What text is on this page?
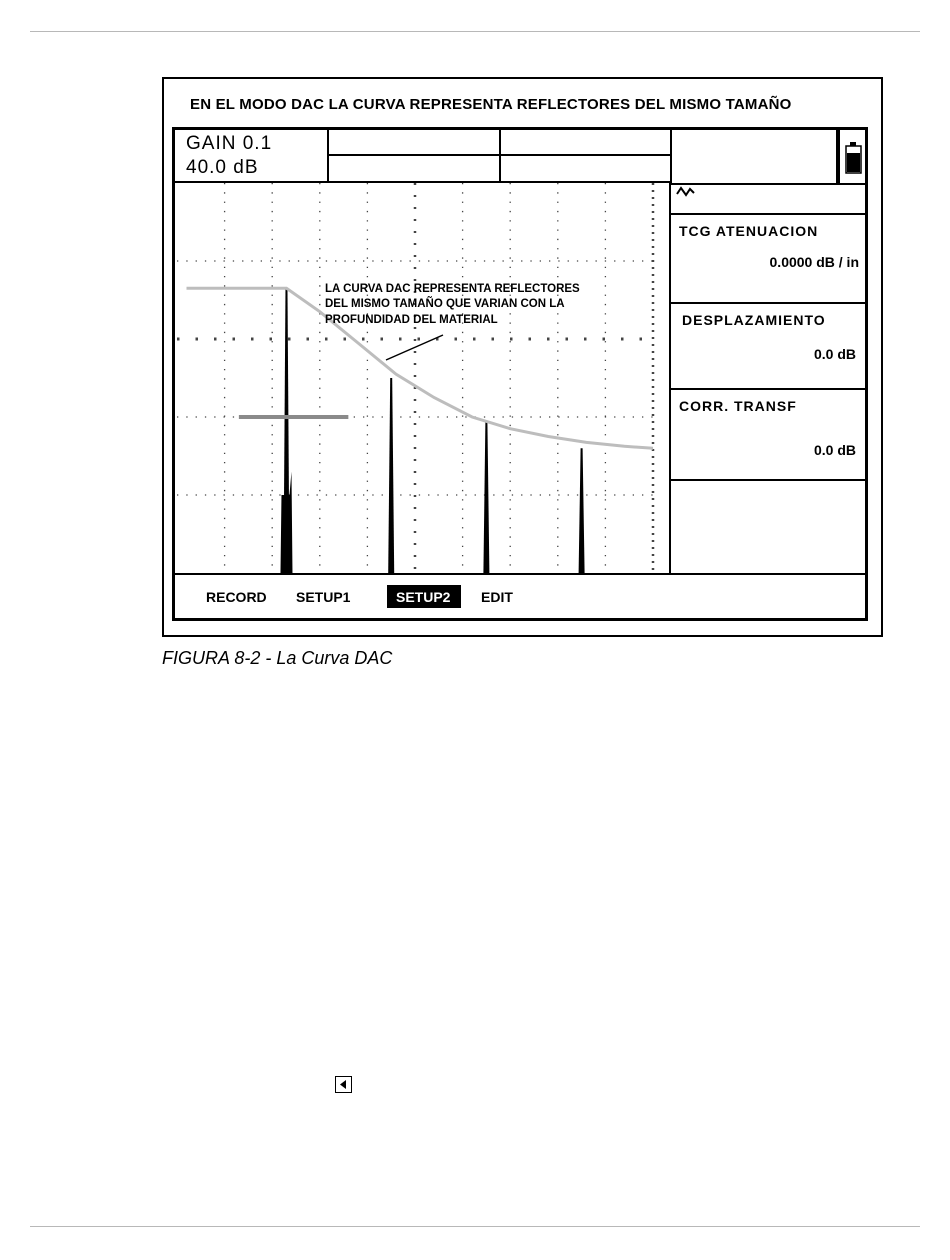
EN EL MODO DAC LA CURVA REPRESENTA REFLECTORES DEL MISMO TAMAÑO
GAIN 0.1
40.0 dB
TCG ATENUACION
0.0000 dB / in
DESPLAZAMIENTO
0.0 dB
CORR. TRANSF
0.0 dB
RECORD SETUP1	SETUP2	EDIT
LA CURVA DAC REPRESENTA REFLECTORES
DEL MISMO TAMAÑO QUE VARIAN CON LA
PROFUNDIDAD DEL MATERIAL
FIGURA 8-2 - La Curva DAC
